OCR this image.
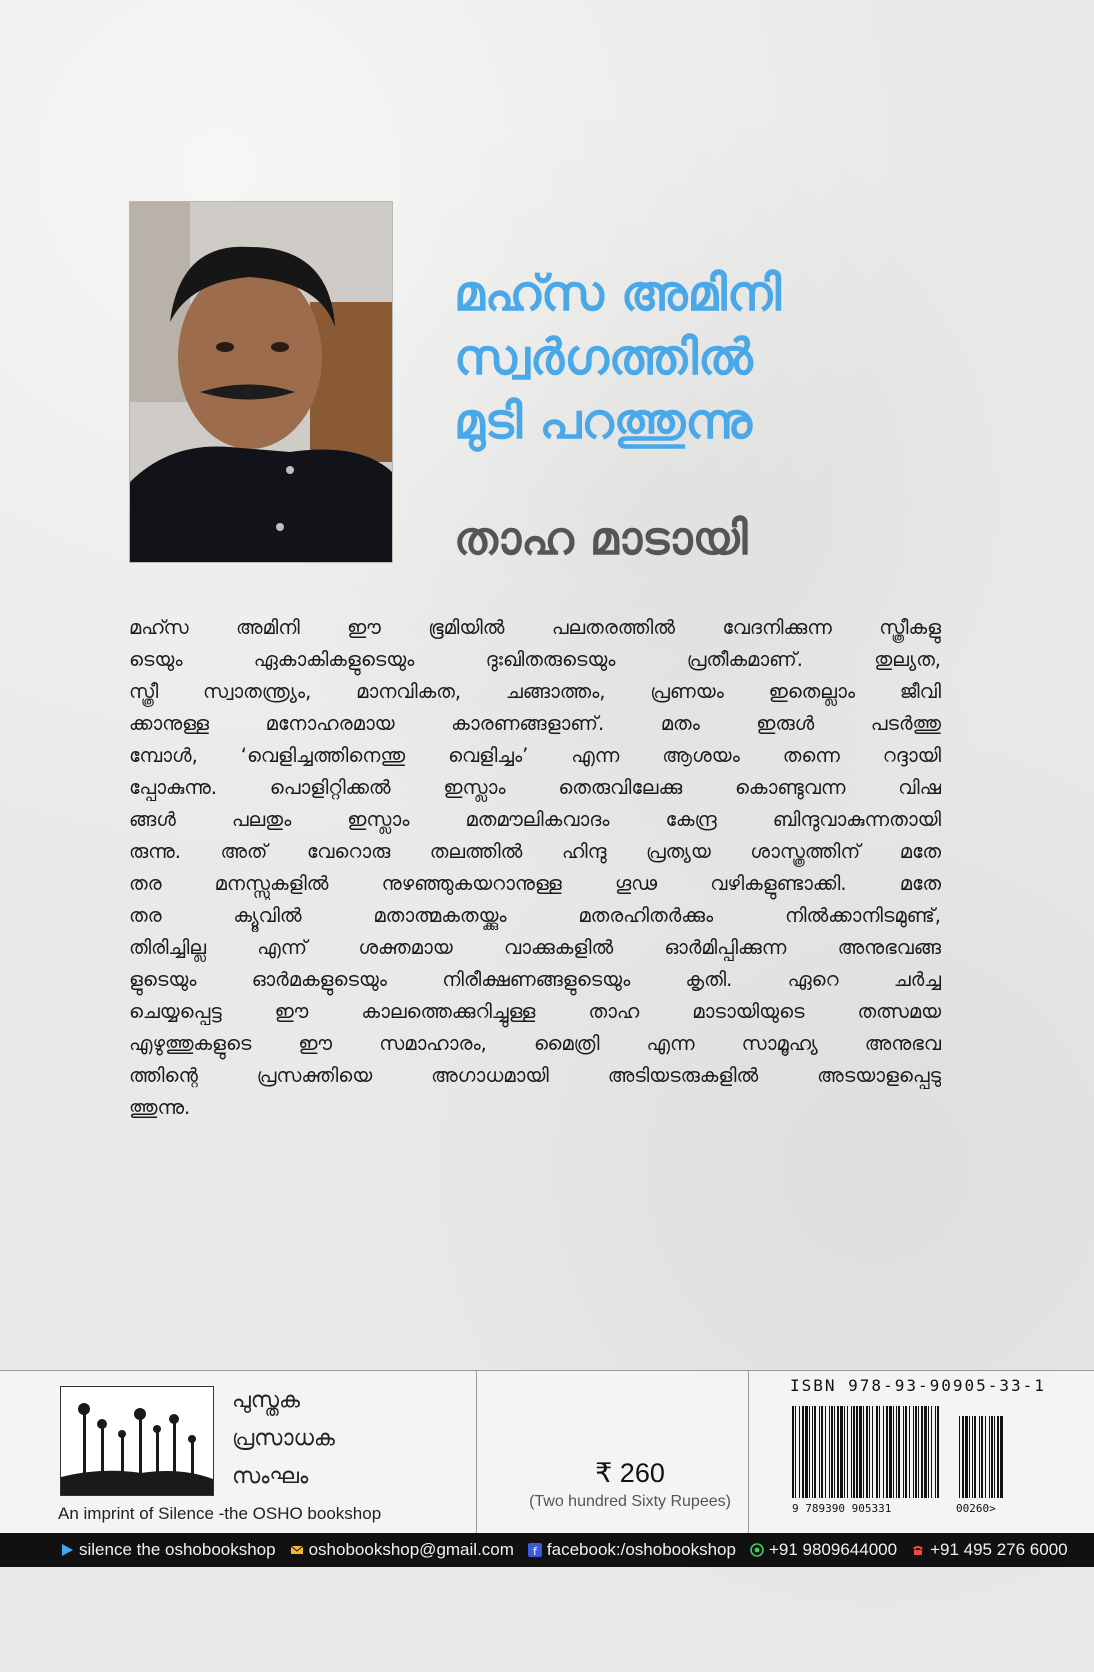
മഹ്സ അമിനി
സ്വർഗത്തിൽ
മുടി പറത്തുന്നു
താഹ മാടായി
മഹ്സ അമിനി ഈ ഭൂമിയിൽ പലതരത്തിൽ വേദനിക്കുന്ന സ്ത്രീകളു
ടെയും ഏകാകികളുടെയും ദുഃഖിതരുടെയും പ്രതീകമാണ്. തുല്യത,
സ്ത്രീ സ്വാതന്ത്ര്യം, മാനവികത, ചങ്ങാത്തം, പ്രണയം ഇതെല്ലാം ജീവി
ക്കാനുള്ള മനോഹരമായ കാരണങ്ങളാണ്. മതം ഇരുൾ പടർത്തു
മ്പോൾ, ‘വെളിച്ചത്തിനെന്തു വെളിച്ചം’ എന്ന ആശയം തന്നെ റദ്ദായി
പ്പോകുന്നു. പൊളിറ്റിക്കൽ ഇസ്ലാം തെരുവിലേക്കു കൊണ്ടുവന്ന വിഷ
ങ്ങൾ പലതും ഇസ്ലാം മതമൗലികവാദം കേന്ദ്ര ബിന്ദുവാകുന്നതായി
രുന്നു. അത് വേറൊരു തലത്തിൽ ഹിന്ദു പ്രത്യയ ശാസ്ത്രത്തിന് മതേ
തര മനസ്സുകളിൽ നുഴഞ്ഞുകയറാനുള്ള ഗൂഢ വഴികളുണ്ടാക്കി. മതേ
തര ക്യൂവിൽ മതാത്മകതയ്ക്കും മതരഹിതർക്കും നിൽക്കാനിടമുണ്ട്,
തിരിച്ചില്ല എന്ന് ശക്തമായ വാക്കുകളിൽ ഓർമിപ്പിക്കുന്ന അനുഭവങ്ങ
ളുടെയും ഓർമകളുടെയും നിരീക്ഷണങ്ങളുടെയും കൃതി. ഏറെ ചർച്ച
ചെയ്യപ്പെട്ട ഈ കാലത്തെക്കുറിച്ചുള്ള താഹ മാടായിയുടെ തത്സമയ
എഴുത്തുകളുടെ ഈ സമാഹാരം, മൈത്രി എന്ന സാമൂഹ്യ അനുഭവ
ത്തിന്റെ പ്രസക്തിയെ അഗാധമായി അടിയടരുകളിൽ അടയാളപ്പെടു
ത്തുന്നു.
പുസ്തക
പ്രസാധക
സംഘം
An imprint of Silence -the OSHO bookshop
₹ 260
(Two hundred Sixty Rupees)
ISBN 978-93-90905-33-1
9 789390 905331	00260>
silence the oshobookshop oshobookshop@gmail.com f facebook:/oshobookshop +91 9809644000 +91 495 276 6000
